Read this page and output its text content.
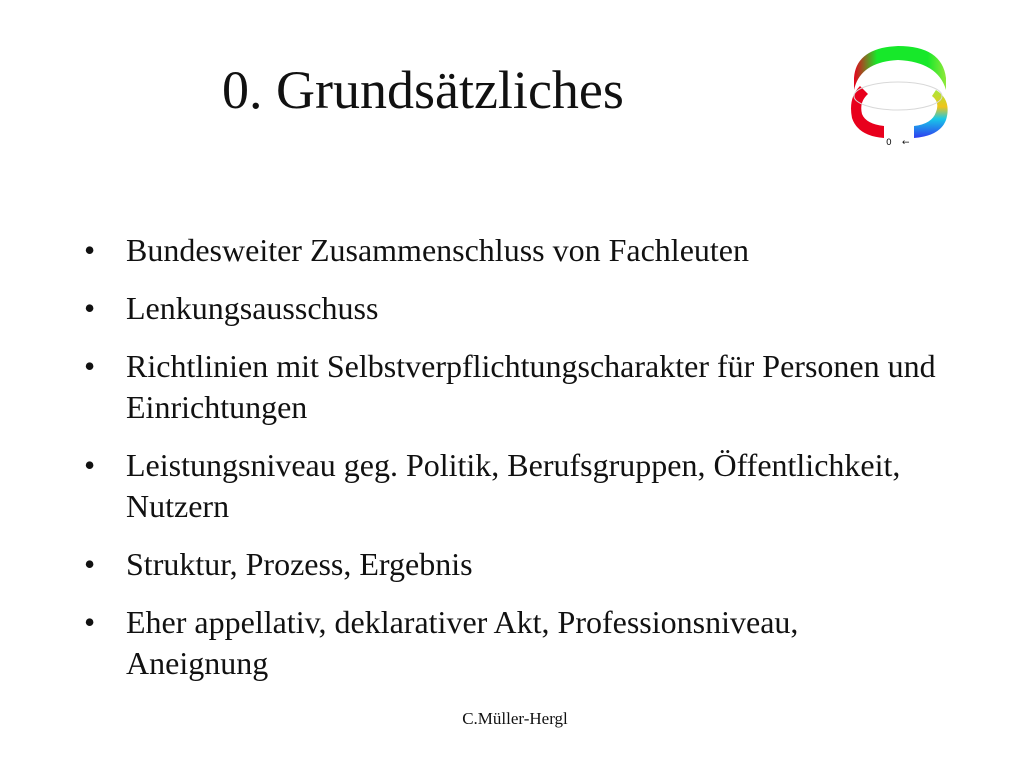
0. Grundsätzliches
0 ←
• Bundesweiter Zusammenschluss von Fachleuten
• Lenkungsausschuss
• Richtlinien mit Selbstverpflichtungscharakter für Personen und Einrichtungen
• Leistungsniveau geg. Politik, Berufsgruppen, Öffentlichkeit, Nutzern
• Struktur, Prozess, Ergebnis
• Eher appellativ, deklarativer Akt, Professionsniveau, Aneignung
C.Müller-Hergl
